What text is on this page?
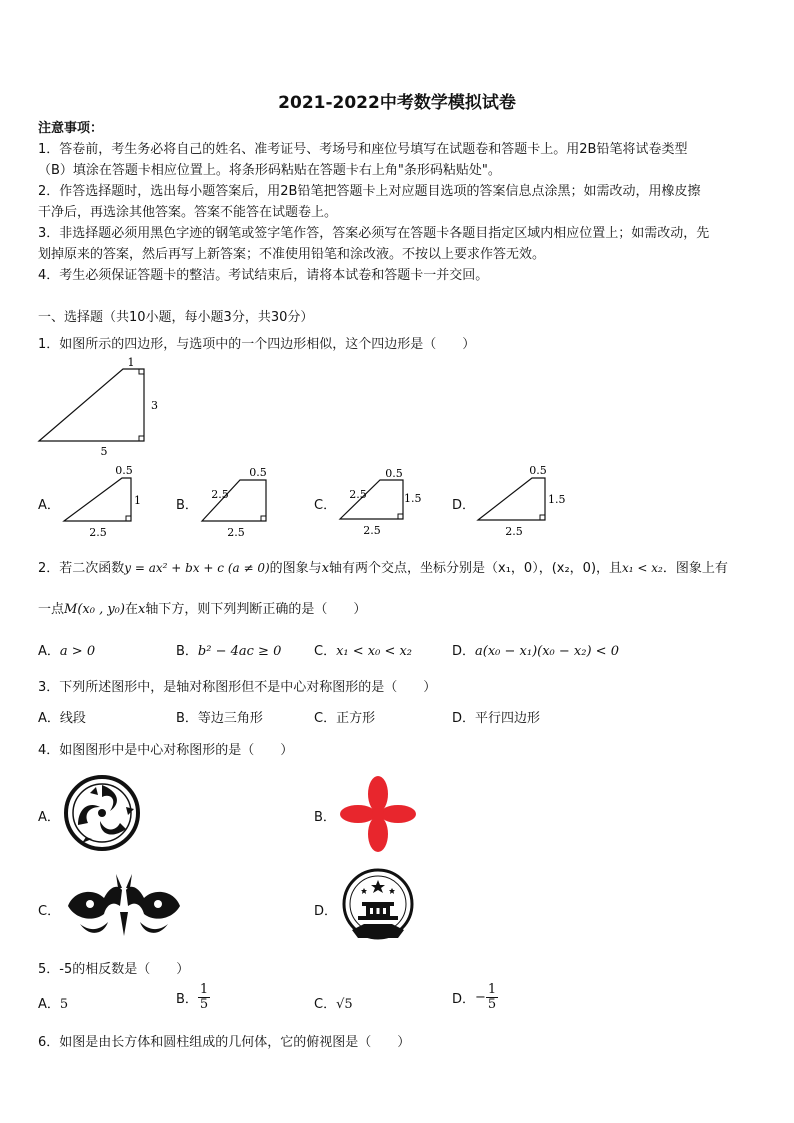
2021-2022中考数学模拟试卷
注意事项：
1．答卷前，考生务必将自己的姓名、准考证号、考场号和座位号填写在试题卷和答题卡上。用2B铅笔将试卷类型
（B）填涂在答题卡相应位置上。将条形码粘贴在答题卡右上角"条形码粘贴处"。
2．作答选择题时，选出每小题答案后，用2B铅笔把答题卡上对应题目选项的答案信息点涂黑；如需改动，用橡皮擦
干净后，再选涂其他答案。答案不能答在试题卷上。
3．非选择题必须用黑色字迹的钢笔或签字笔作答，答案必须写在答题卡各题目指定区域内相应位置上；如需改动，先
划掉原来的答案，然后再写上新答案；不准使用铅笔和涂改液。不按以上要求作答无效。
4．考生必须保证答题卡的整洁。考试结束后，请将本试卷和答题卡一并交回。
一、选择题（共10小题，每小题3分，共30分）
1．如图所示的四边形，与选项中的一个四边形相似，这个四边形是（　　）
1
3
5
A．
0.5
1
2.5
B．
0.5
2.5
2.5
C．
0.5
2.5	1.5
2.5
D．
0.5
1.5
2.5
2．若二次函数y = ax² + bx + c (a ≠ 0)的图象与x轴有两个交点，坐标分别是（x₁，0），(x₂，0)，且x₁ < x₂．图象上有
一点M(x₀ , y₀)在x轴下方，则下列判断正确的是（　　）
A．a > 0	B．b² − 4ac ≥ 0	C．x₁ < x₀ < x₂	D．a(x₀ − x₁)(x₀ − x₂) < 0
3．下列所述图形中，是轴对称图形但不是中心对称图形的是（　　）
A．线段	B．等边三角形	C．正方形	D．平行四边形
4．如图图形中是中心对称图形的是（　　）
A．	B．
C．	D．
5．-5的相反数是（　　）
A．5	B． $\frac{1}{5}$	C．√5	D．− $\frac{1}{5}$
6．如图是由长方体和圆柱组成的几何体，它的俯视图是（　　）
